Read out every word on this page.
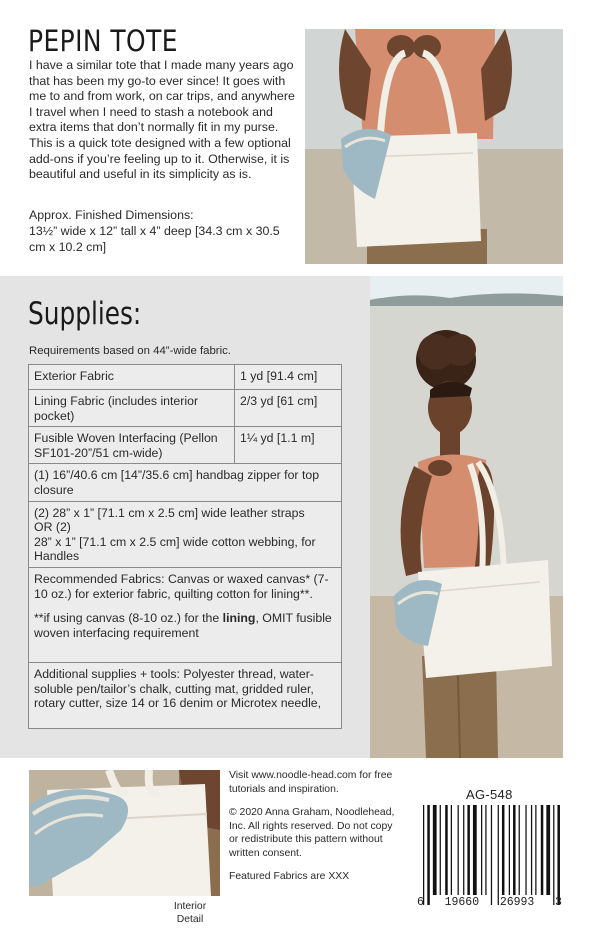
PEPIN TOTE
I have a similar tote that I made many years ago that has been my go-to ever since! It goes with me to and from work, on car trips, and anywhere I travel when I need to stash a notebook and extra items that don’t normally fit in my purse. This is a quick tote designed with a few optional add-ons if you’re feeling up to it. Otherwise, it is beautiful and useful in its simplicity as is.
Approx. Finished Dimensions:
13½” wide x 12” tall x 4” deep [34.3 cm x 30.5 cm x 10.2 cm]
Supplies:
Requirements based on 44”-wide fabric.
Exterior Fabric	1 yd [91.4 cm]
Lining Fabric (includes interior pocket)	2/3 yd [61 cm]
Fusible Woven Interfacing (Pellon SF101-20”/51 cm-wide)	1¼ yd [1.1 m]
(1) 16”/40.6 cm [14”/35.6 cm] handbag zipper for top closure	

(2) 28” x 1” [71.1 cm x 2.5 cm] wide leather straps
OR (2)
28” x 1” [71.1 cm x 2.5 cm] wide cotton webbing, for Handles	

Recommended Fabrics: Canvas or waxed canvas* (7-10 oz.) for exterior fabric, quilting cotton for lining**.
**if using canvas (8-10 oz.) for the lining, OMIT fusible woven interfacing requirement	

Additional supplies + tools: Polyester thread, water-soluble pen/tailor’s chalk, cutting mat, gridded ruler, rotary cutter, size 14 or 16 denim or Microtex needle,	

Visit www.noodle-head.com for free tutorials and inspiration.

© 2020 Anna Graham, Noodlehead, Inc. All rights reserved. Do not copy or redistribute this pattern without written consent.

Featured Fabrics are XXX

Interior Detail
AG-548
6   19660   26993   3
